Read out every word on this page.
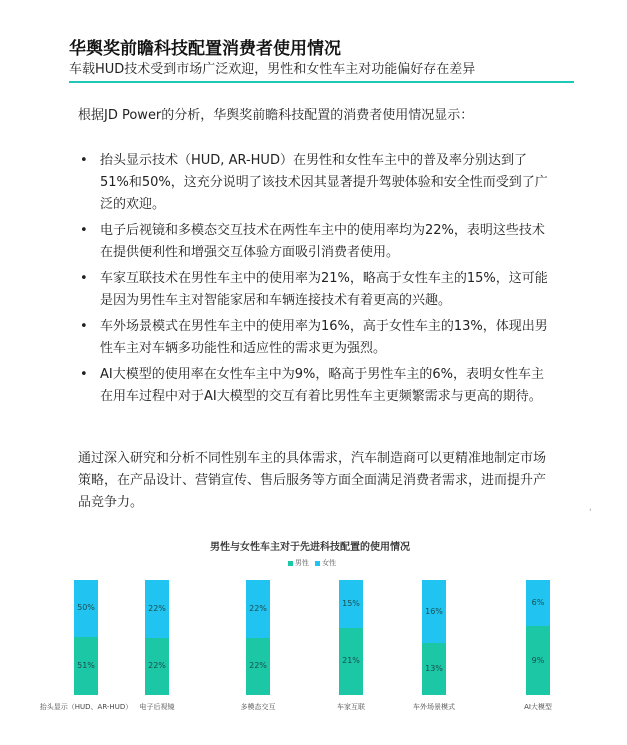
华舆奖前瞻科技配置消费者使用情况
车载HUD技术受到市场广泛欢迎，男性和女性车主对功能偏好存在差异
根据JD Power的分析，华舆奖前瞻科技配置的消费者使用情况显示：
• 抬头显示技术（HUD, AR-HUD）在男性和女性车主中的普及率分别达到了51%和50%，这充分说明了该技术因其显著提升驾驶体验和安全性而受到了广泛的欢迎。
• 电子后视镜和多模态交互技术在两性车主中的使用率均为22%，表明这些技术在提供便利性和增强交互体验方面吸引消费者使用。
• 车家互联技术在男性车主中的使用率为21%，略高于女性车主的15%，这可能是因为男性车主对智能家居和车辆连接技术有着更高的兴趣。
• 车外场景模式在男性车主中的使用率为16%，高于女性车主的13%，体现出男性车主对车辆多功能性和适应性的需求更为强烈。
• AI大模型的使用率在女性车主中为9%，略高于男性车主的6%，表明女性车主在用车过程中对于AI大模型的交互有着比男性车主更频繁需求与更高的期待。
通过深入研究和分析不同性别车主的具体需求，汽车制造商可以更精准地制定市场策略，在产品设计、营销宣传、售后服务等方面全面满足消费者需求，进而提升产品竞争力。
'
男性与女性车主对于先进科技配置的使用情况
男性 女性
50%
51%
抬头显示（HUD、AR-HUD）
22%
22%
电子后视镜
22%
22%
多模态交互
15%
21%
车家互联
16%
13%
车外场景模式
6%
9%
AI大模型
